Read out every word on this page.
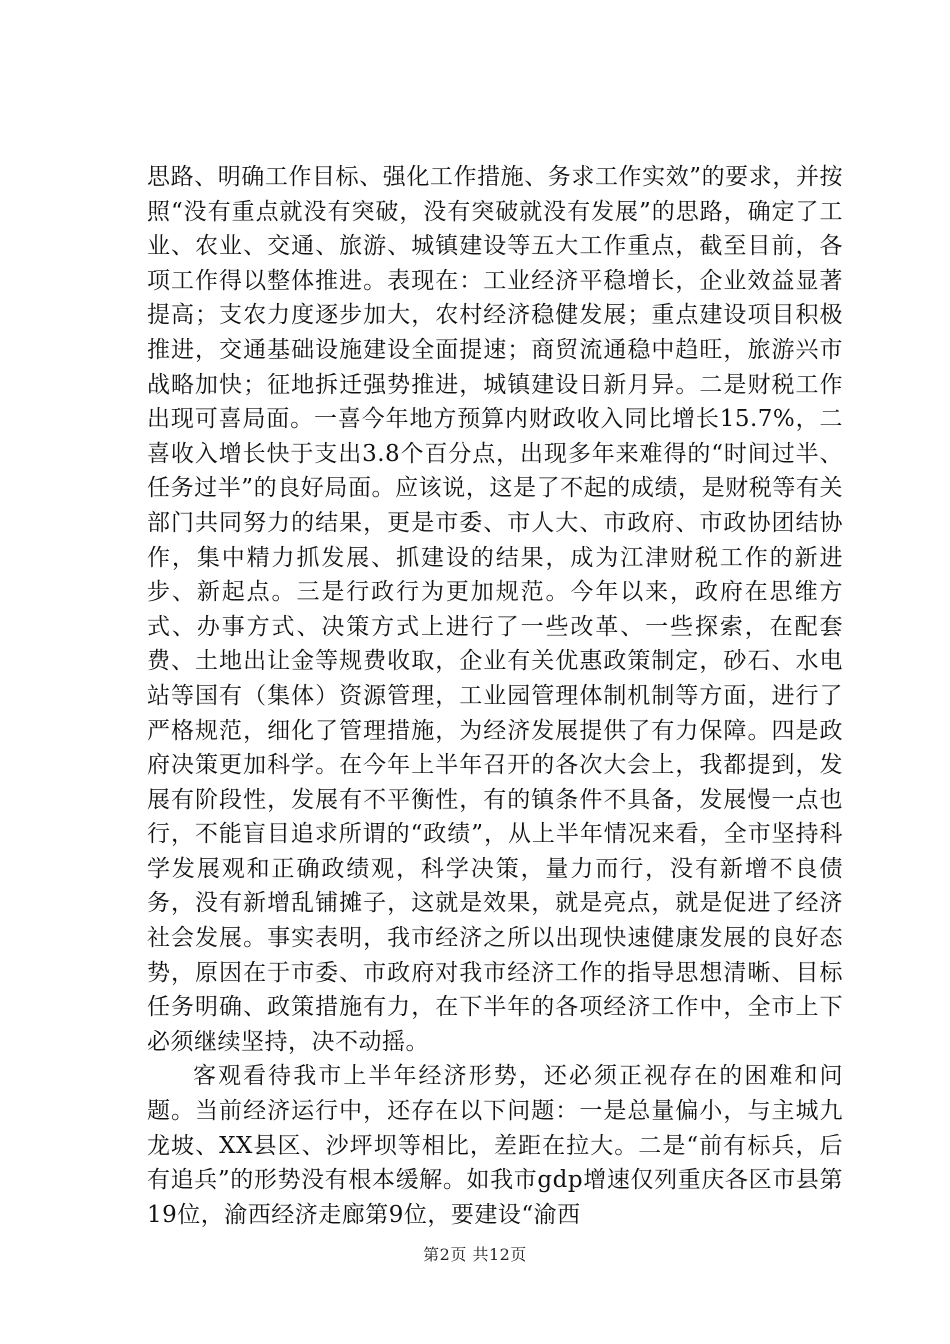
思路、明确工作目标、强化工作措施、务求工作实效”的要求，并按照“没有重点就没有突破，没有突破就没有发展”的思路，确定了工业、农业、交通、旅游、城镇建设等五大工作重点，截至目前，各项工作得以整体推进。表现在：工业经济平稳增长，企业效益显著提高；支农力度逐步加大，农村经济稳健发展；重点建设项目积极推进，交通基础设施建设全面提速；商贸流通稳中趋旺，旅游兴市战略加快；征地拆迁强势推进，城镇建设日新月异。二是财税工作出现可喜局面。一喜今年地方预算内财政收入同比增长15.7%，二喜收入增长快于支出3.8个百分点，出现多年来难得的“时间过半、任务过半”的良好局面。应该说，这是了不起的成绩，是财税等有关部门共同努力的结果，更是市委、市人大、市政府、市政协团结协作，集中精力抓发展、抓建设的结果，成为江津财税工作的新进步、新起点。三是行政行为更加规范。今年以来，政府在思维方式、办事方式、决策方式上进行了一些改革、一些探索，在配套费、土地出让金等规费收取，企业有关优惠政策制定，砂石、水电站等国有（集体）资源管理，工业园管理体制机制等方面，进行了严格规范，细化了管理措施，为经济发展提供了有力保障。四是政府决策更加科学。在今年上半年召开的各次大会上，我都提到，发展有阶段性，发展有不平衡性，有的镇条件不具备，发展慢一点也行，不能盲目追求所谓的“政绩”，从上半年情况来看，全市坚持科学发展观和正确政绩观，科学决策，量力而行，没有新增不良债务，没有新增乱铺摊子，这就是效果，就是亮点，就是促进了经济社会发展。事实表明，我市经济之所以出现快速健康发展的良好态势，原因在于市委、市政府对我市经济工作的指导思想清晰、目标任务明确、政策措施有力，在下半年的各项经济工作中，全市上下必须继续坚持，决不动摇。

客观看待我市上半年经济形势，还必须正视存在的困难和问题。当前经济运行中，还存在以下问题：一是总量偏小，与主城九龙坡、XX县区、沙坪坝等相比，差距在拉大。二是“前有标兵，后有追兵”的形势没有根本缓解。如我市gdp增速仅列重庆各区市县第19位，渝西经济走廊第9位，要建设“渝西

第2页 共12页
